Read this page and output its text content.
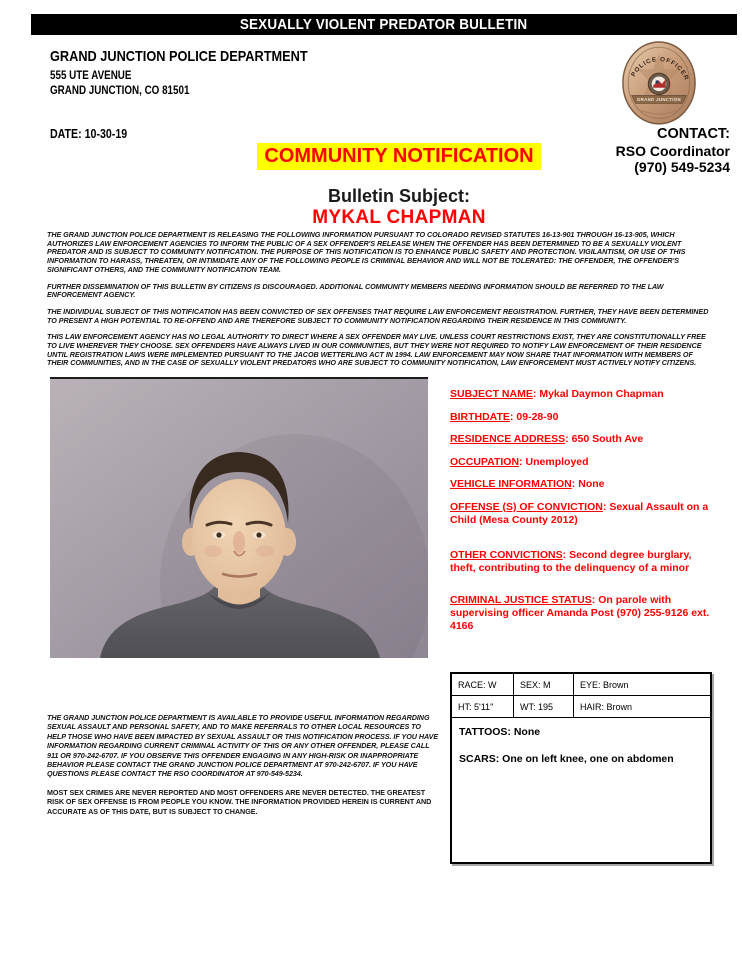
SEXUALLY VIOLENT PREDATOR BULLETIN
GRAND JUNCTION POLICE DEPARTMENT
555 UTE AVENUE
GRAND JUNCTION, CO 81501
POLICE OFFICER
GRAND JUNCTION
DATE: 10-30-19	CONTACT:
RSO Coordinator
(970) 549-5234
COMMUNITY NOTIFICATION
Bulletin Subject:
MYKAL CHAPMAN

THE GRAND JUNCTION POLICE DEPARTMENT IS RELEASING THE FOLLOWING INFORMATION PURSUANT TO COLORADO REVISED STATUTES 16-13-901 THROUGH 16-13-905, WHICH AUTHORIZES LAW ENFORCEMENT AGENCIES TO INFORM THE PUBLIC OF A SEX OFFENDER'S RELEASE WHEN THE OFFENDER HAS BEEN DETERMINED TO BE A SEXUALLY VIOLENT PREDATOR AND IS SUBJECT TO COMMUNITY NOTIFICATION. THE PURPOSE OF THIS NOTIFICATION IS TO ENHANCE PUBLIC SAFETY AND PROTECTION. VIGILANTISM, OR USE OF THIS INFORMATION TO HARASS, THREATEN, OR INTIMIDATE ANY OF THE FOLLOWING PEOPLE IS CRIMINAL BEHAVIOR AND WILL NOT BE TOLERATED: THE OFFENDER, THE OFFENDER'S SIGNIFICANT OTHERS, AND THE COMMUNITY NOTIFICATION TEAM.

FURTHER DISSEMINATION OF THIS BULLETIN BY CITIZENS IS DISCOURAGED. ADDITIONAL COMMUNITY MEMBERS NEEDING INFORMATION SHOULD BE REFERRED TO THE LAW ENFORCEMENT AGENCY.

THE INDIVIDUAL SUBJECT OF THIS NOTIFICATION HAS BEEN CONVICTED OF SEX OFFENSES THAT REQUIRE LAW ENFORCEMENT REGISTRATION. FURTHER, THEY HAVE BEEN DETERMINED TO PRESENT A HIGH POTENTIAL TO RE-OFFEND AND ARE THEREFORE SUBJECT TO COMMUNITY NOTIFICATION REGARDING THEIR RESIDENCE IN THIS COMMUNITY.

THIS LAW ENFORCEMENT AGENCY HAS NO LEGAL AUTHORITY TO DIRECT WHERE A SEX OFFENDER MAY LIVE. UNLESS COURT RESTRICTIONS EXIST, THEY ARE CONSTITUTIONALLY FREE TO LIVE WHEREVER THEY CHOOSE. SEX OFFENDERS HAVE ALWAYS LIVED IN OUR COMMUNITIES, BUT THEY WERE NOT REQUIRED TO NOTIFY LAW ENFORCEMENT OF THEIR RESIDENCE UNTIL REGISTRATION LAWS WERE IMPLEMENTED PURSUANT TO THE JACOB WETTERLING ACT IN 1994. LAW ENFORCEMENT MAY NOW SHARE THAT INFORMATION WITH MEMBERS OF THEIR COMMUNITIES, AND IN THE CASE OF SEXUALLY VIOLENT PREDATORS WHO ARE SUBJECT TO COMMUNITY NOTIFICATION, LAW ENFORCEMENT MUST ACTIVELY NOTIFY CITIZENS.

SUBJECT NAME: Mykal Daymon Chapman
BIRTHDATE: 09-28-90
RESIDENCE ADDRESS: 650 South Ave
OCCUPATION: Unemployed
VEHICLE INFORMATION: None
OFFENSE (S) OF CONVICTION: Sexual Assault on a Child (Mesa County 2012)
OTHER CONVICTIONS: Second degree burglary, theft, contributing to the delinquency of a minor
CRIMINAL JUSTICE STATUS: On parole with supervising officer Amanda Post (970) 255-9126 ext. 4166
RACE: W	SEX: M	EYE: Brown
HT: 5'11"	WT: 195	HAIR: Brown
TATTOOS: None
SCARS: One on left knee, one on abdomen

THE GRAND JUNCTION POLICE DEPARTMENT IS AVAILABLE TO PROVIDE USEFUL INFORMATION REGARDING SEXUAL ASSAULT AND PERSONAL SAFETY, AND TO MAKE REFERRALS TO OTHER LOCAL RESOURCES TO HELP THOSE WHO HAVE BEEN IMPACTED BY SEXUAL ASSAULT OR THIS NOTIFICATION PROCESS. IF YOU HAVE INFORMATION REGARDING CURRENT CRIMINAL ACTIVITY OF THIS OR ANY OTHER OFFENDER, PLEASE CALL 911 OR 970-242-6707. IF YOU OBSERVE THIS OFFENDER ENGAGING IN ANY HIGH-RISK OR INAPPROPRIATE BEHAVIOR PLEASE CONTACT THE GRAND JUNCTION POLICE DEPARTMENT AT 970-242-6707. IF YOU HAVE QUESTIONS PLEASE CONTACT THE RSO COORDINATOR AT 970-549-5234.

MOST SEX CRIMES ARE NEVER REPORTED AND MOST OFFENDERS ARE NEVER DETECTED. THE GREATEST RISK OF SEX OFFENSE IS FROM PEOPLE YOU KNOW. THE INFORMATION PROVIDED HEREIN IS CURRENT AND ACCURATE AS OF THIS DATE, BUT IS SUBJECT TO CHANGE.
